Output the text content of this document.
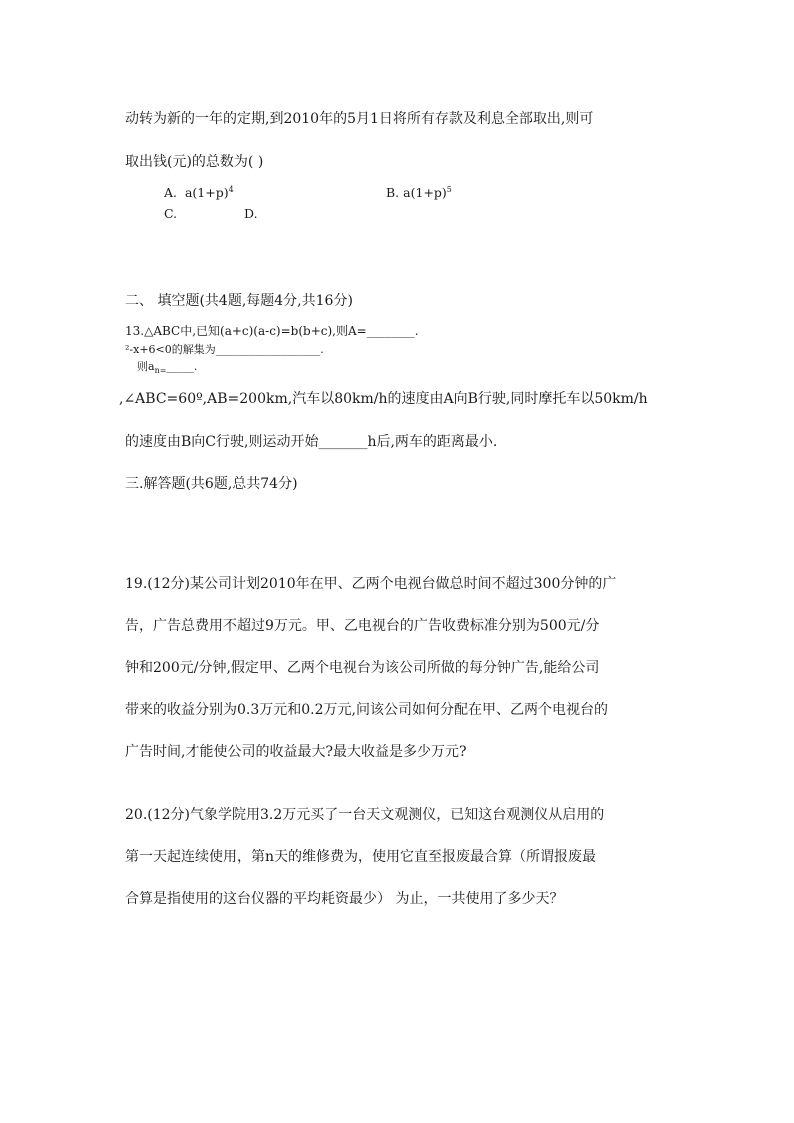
动转为新的一年的定期,到2010年的5月1日将所有存款及利息全部取出,则可
取出钱(元)的总数为( )
A. $a(1+p)^4$	B. $a(1+p)^5$
C.	D.
二、 填空题(共4题,每题4分,共16分)
13.△ABC中,已知(a+c)(a-c)=b(b+c),则A=________.
²-x+6<0的解集为___________________.
则$a_{n=}\_\_\_\_\_$.
,∠ABC=60º,AB=200km,汽车以80km/h的速度由A向B行驶,同时摩托车以50km/h
的速度由B向C行驶,则运动开始_______h后,两车的距离最小.
三.解答题(共6题,总共74分)
19.(12分)某公司计划2010年在甲、乙两个电视台做总时间不超过300分钟的广
告，广告总费用不超过9万元。甲、乙电视台的广告收费标准分别为500元/分
钟和200元/分钟,假定甲、乙两个电视台为该公司所做的每分钟广告,能给公司
带来的收益分别为0.3万元和0.2万元,问该公司如何分配在甲、乙两个电视台的
广告时间,才能使公司的收益最大?最大收益是多少万元?
20.(12分)气象学院用3.2万元买了一台天文观测仪，已知这台观测仪从启用的
第一天起连续使用，第n天的维修费为，使用它直至报废最合算（所谓报废最
合算是指使用的这台仪器的平均耗资最少） 为止，一共使用了多少天？
